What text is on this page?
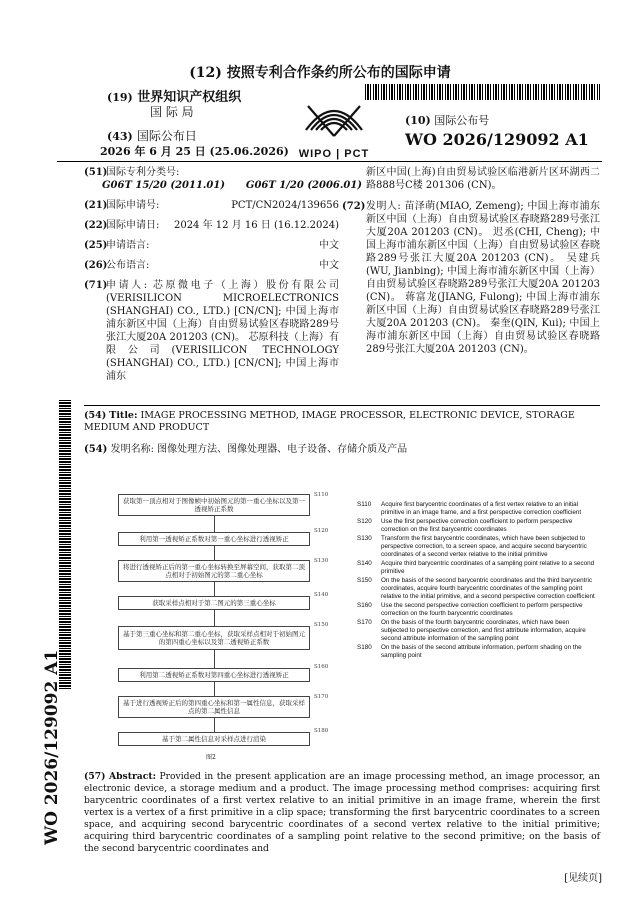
(12) 按照专利合作条约所公布的国际申请
(19) 世界知识产权组织
国 际 局
(43) 国际公布日
2026 年 6 月 25 日 (25.06.2026) WIPO | PCT
(10) 国际公布号
WO 2026/129092 A1
(51)
国际专利分类号:
G06T 15/20 (2011.01)      G06T 1/20 (2006.01)
(21)
国际申请号:	PCT/CN2024/139656
(22)
国际申请日: 2024 年 12 月 16 日 (16.12.2024)
(25)
申请语言:	中文
(26)
公布语言:	中文
(71)
申请人: 芯原微电子（上海）股份有限公司 (VERISILICON MICROELECTRONICS (SHANGHAI) CO., LTD.) [CN/CN]; 中国上海市浦东新区中国（上海）自由贸易试验区春晓路289号张江大厦20A 201203 (CN)。 芯原科技（上海）有限公司(VERISILICON TECHNOLOGY (SHANGHAI) CO., LTD.) [CN/CN]; 中国上海市浦东
新区中国(上海)自由贸易试验区临港新片区环湖西二路888号C楼 201306 (CN)。
(72) 发明人: 苗泽萌(MIAO, Zemeng); 中国上海市浦东新区中国（上海）自由贸易试验区春晓路289号张江大厦20A 201203 (CN)。 迟丞(CHI, Cheng); 中国上海市浦东新区中国（上海）自由贸易试验区春晓路289号张江大厦20A 201203 (CN)。 吴建兵(WU, Jianbing); 中国上海市浦东新区中国（上海）自由贸易试验区春晓路289号张江大厦20A 201203 (CN)。 蒋富龙(JIANG, Fulong); 中国上海市浦东新区中国（上海）自由贸易试验区春晓路289号张江大厦20A 201203 (CN)。 秦奎(QIN, Kui); 中国上海市浦东新区中国（上海）自由贸易试验区春晓路289号张江大厦20A 201203 (CN)。
WO 2026/129092 A1
(54) Title: IMAGE PROCESSING METHOD, IMAGE PROCESSOR, ELECTRONIC DEVICE, STORAGE MEDIUM AND PRODUCT
(54) 发明名称: 图像处理方法、图像处理器、电子设备、存储介质及产品
获取第一顶点相对于图像帧中初始图元的第一重心坐标以及第一透视矫正系数
S110
利用第一透视矫正系数对第一重心坐标进行透视矫正
S120
将进行透视矫正后的第一重心坐标转换至屏幕空间，获取第二顶点相对于初始图元的第二重心坐标
S130
获取采样点相对于第二图元的第三重心坐标
S140
基于第三重心坐标和第二重心坐标，获取采样点相对于初始图元的第四重心坐标以及第二透视矫正系数
S150
利用第二透视矫正系数对第四重心坐标进行透视矫正
S160
基于进行透视矫正后的第四重心坐标和第一属性信息，获取采样点的第二属性信息
S170
基于第二属性信息对采样点进行渲染
S180
图2
S110	Acquire first barycentric coordinates of a first vertex relative to an initial primitive in an image frame, and a first perspective correction coefficient
S120	Use the first perspective correction coefficient to perform perspective correction on the first barycentric coordinates
S130	Transform the first barycentric coordinates, which have been subjected to perspective correction, to a screen space, and acquire second barycentric coordinates of a second vertex relative to the initial primitive
S140	Acquire third barycentric coordinates of a sampling point relative to a second primitive
S150	On the basis of the second barycentric coordinates and the third barycentric coordinates, acquire fourth barycentric coordinates of the sampling point relative to the initial primitive, and a second perspective correction coefficient
S160	Use the second perspective correction coefficient to perform perspective correction on the fourth barycentric coordinates
S170	On the basis of the fourth barycentric coordinates, which have been subjected to perspective correction, and first attribute information, acquire second attribute information of the sampling point
S180	On the basis of the second attribute information, perform shading on the sampling point
(57) Abstract: Provided in the present application are an image processing method, an image processor, an electronic device, a storage medium and a product. The image processing method comprises: acquiring first barycentric coordinates of a first vertex relative to an initial primitive in an image frame, wherein the first vertex is a vertex of a first primitive in a clip space; transforming the first barycentric coordinates to a screen space, and acquiring second barycentric coordinates of a second vertex relative to the initial primitive; acquiring third barycentric coordinates of a sampling point relative to the second primitive; on the basis of the second barycentric coordinates and
[见续页]
